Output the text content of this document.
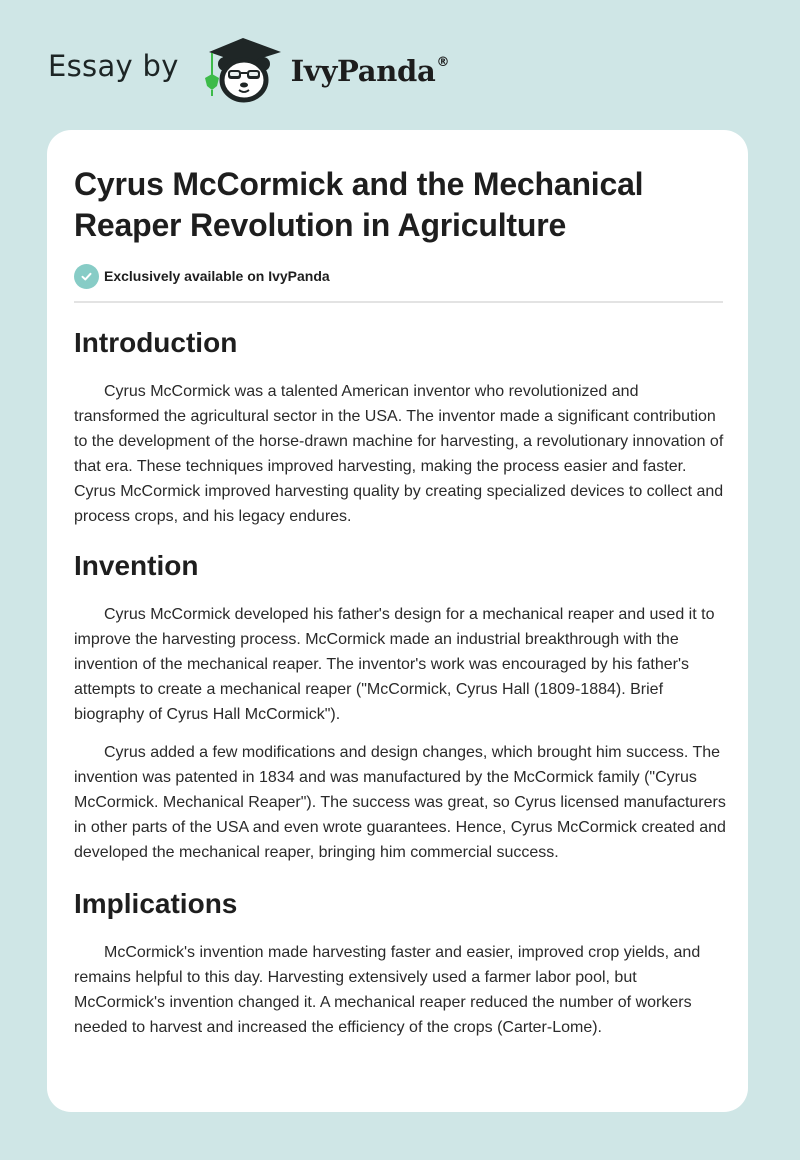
Essay by	IvyPanda®
Cyrus McCormick and the Mechanical Reaper Revolution in Agriculture
Exclusively available on IvyPanda
Introduction

Cyrus McCormick was a talented American inventor who revolutionized and transformed the agricultural sector in the USA. The inventor made a significant contribution to the development of the horse-drawn machine for harvesting, a revolutionary innovation of that era. These techniques improved harvesting, making the process easier and faster. Cyrus McCormick improved harvesting quality by creating specialized devices to collect and process crops, and his legacy endures.

Invention

Cyrus McCormick developed his father's design for a mechanical reaper and used it to improve the harvesting process. McCormick made an industrial breakthrough with the invention of the mechanical reaper. The inventor's work was encouraged by his father's attempts to create a mechanical reaper ("McCormick, Cyrus Hall (1809-1884). Brief biography of Cyrus Hall McCormick").

Cyrus added a few modifications and design changes, which brought him success. The invention was patented in 1834 and was manufactured by the McCormick family ("Cyrus McCormick. Mechanical Reaper"). The success was great, so Cyrus licensed manufacturers in other parts of the USA and even wrote guarantees. Hence, Cyrus McCormick created and developed the mechanical reaper, bringing him commercial success.

Implications

McCormick's invention made harvesting faster and easier, improved crop yields, and remains helpful to this day. Harvesting extensively used a farmer labor pool, but McCormick's invention changed it. A mechanical reaper reduced the number of workers needed to harvest and increased the efficiency of the crops (Carter-Lome).
